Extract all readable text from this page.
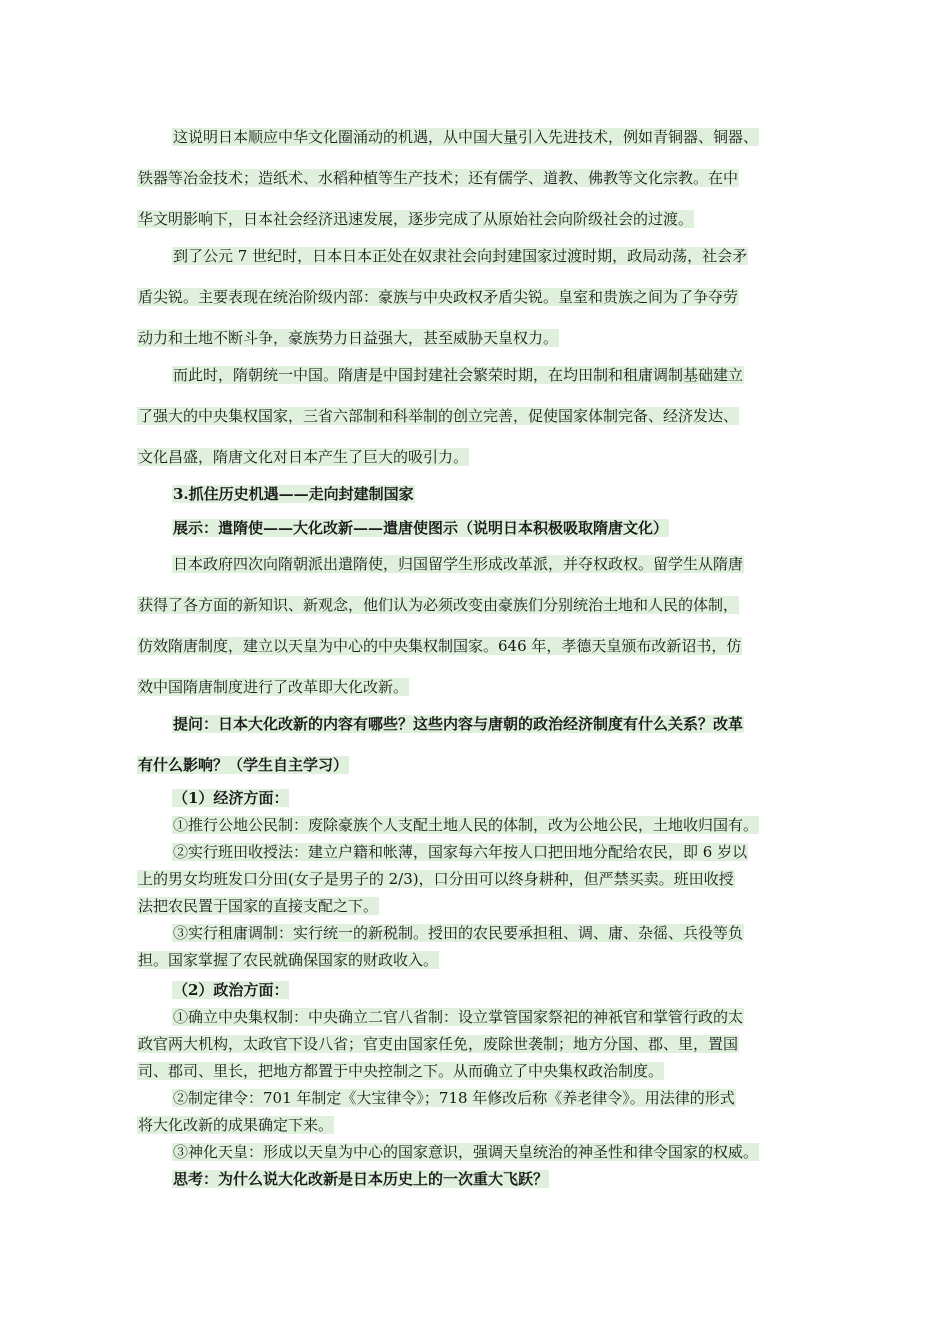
这说明日本顺应中华文化圈涌动的机遇，从中国大量引入先进技术，例如青铜器、铜器、
铁器等冶金技术；造纸术、水稻种植等生产技术；还有儒学、道教、佛教等文化宗教。在中
华文明影响下，日本社会经济迅速发展，逐步完成了从原始社会向阶级社会的过渡。
到了公元 7 世纪时，日本日本正处在奴隶社会向封建国家过渡时期，政局动荡，社会矛
盾尖锐。主要表现在统治阶级内部：豪族与中央政权矛盾尖锐。皇室和贵族之间为了争夺劳
动力和土地不断斗争，豪族势力日益强大，甚至威胁天皇权力。
而此时，隋朝统一中国。隋唐是中国封建社会繁荣时期，在均田制和租庸调制基础建立
了强大的中央集权国家，三省六部制和科举制的创立完善，促使国家体制完备、经济发达、
文化昌盛，隋唐文化对日本产生了巨大的吸引力。
3.抓住历史机遇——走向封建制国家
展示：遣隋使——大化改新——遣唐使图示（说明日本积极吸取隋唐文化）
日本政府四次向隋朝派出遣隋使，归国留学生形成改革派，并夺权政权。留学生从隋唐
获得了各方面的新知识、新观念，他们认为必须改变由豪族们分别统治土地和人民的体制，
仿效隋唐制度，建立以天皇为中心的中央集权制国家。646 年，孝德天皇颁布改新诏书，仿
效中国隋唐制度进行了改革即大化改新。
提问：日本大化改新的内容有哪些？这些内容与唐朝的政治经济制度有什么关系？改革
有什么影响？（学生自主学习）
（1）经济方面：
①推行公地公民制：废除豪族个人支配土地人民的体制，改为公地公民，土地收归国有。
②实行班田收授法：建立户籍和帐薄，国家每六年按人口把田地分配给农民，即 6 岁以
上的男女均班发口分田(女子是男子的 2/3)，口分田可以终身耕种，但严禁买卖。班田收授
法把农民置于国家的直接支配之下。
③实行租庸调制：实行统一的新税制。授田的农民要承担租、调、庸、杂徭、兵役等负
担。国家掌握了农民就确保国家的财政收入。
（2）政治方面：
①确立中央集权制：中央确立二官八省制：设立掌管国家祭祀的神祇官和掌管行政的太
政官两大机构，太政官下设八省；官吏由国家任免，废除世袭制；地方分国、郡、里，置国
司、郡司、里长，把地方都置于中央控制之下。从而确立了中央集权政治制度。
②制定律令：701 年制定《大宝律令》；718 年修改后称《养老律令》。用法律的形式
将大化改新的成果确定下来。
③神化天皇：形成以天皇为中心的国家意识，强调天皇统治的神圣性和律令国家的权威。
思考：为什么说大化改新是日本历史上的一次重大飞跃？
